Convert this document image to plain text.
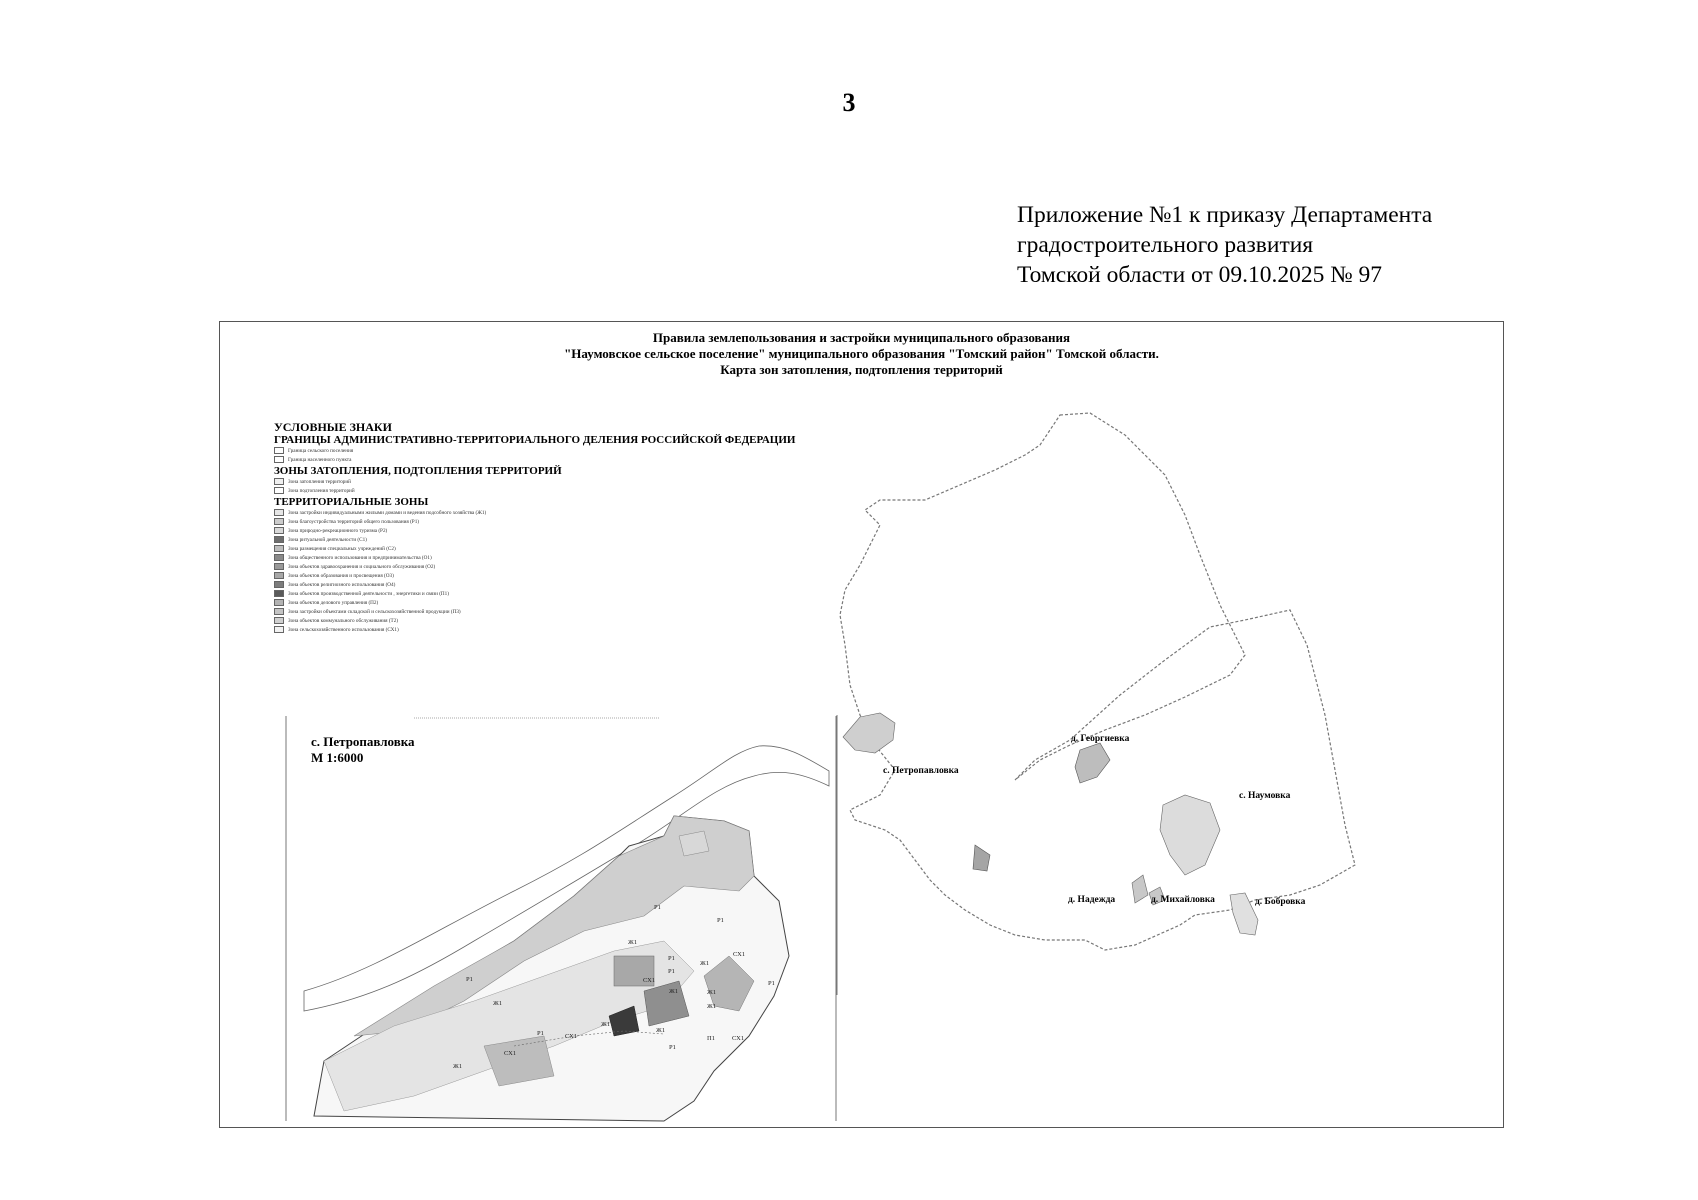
3
Приложение №1 к приказу Департамента
градостроительного развития
Томской области от 09.10.2025 № 97
Правила землепользования и застройки муниципального образования
"Наумовское сельское поселение" муниципального образования "Томский район" Томской области.
Карта зон затопления, подтопления территорий
УСЛОВНЫЕ ЗНАКИ
ГРАНИЦЫ АДМИНИСТРАТИВНО-ТЕРРИТОРИАЛЬНОГО ДЕЛЕНИЯ РОССИЙСКОЙ ФЕДЕРАЦИИ
Граница сельского поселения
Граница населенного пункта
ЗОНЫ ЗАТОПЛЕНИЯ, ПОДТОПЛЕНИЯ ТЕРРИТОРИЙ
Зона затопления территорий
Зона подтопления территорий
ТЕРРИТОРИАЛЬНЫЕ ЗОНЫ
Зона застройки индивидуальными жилыми домами и ведения подсобного хозяйства (Ж1)
Зона благоустройства территорий общего пользования (Р1)
Зона природно-рекреационного туризма (Р2)
Зона ритуальной деятельности (С1)
Зона размещения специальных учреждений (С2)
Зона общественного использования и предпринимательства (О1)
Зона объектов здравоохранения и социального обслуживания (О2)
Зона объектов образования и просвещения (О3)
Зона объектов религиозного использования (О4)
Зона объектов производственной деятельности , энергетики и связи (П1)
Зона объектов делового управления (П2)
Зона застройки объектами складской и сельскохозяйственной продукции (П3)
Зона объектов коммунального обслуживания (Т2)
Зона сельскохозяйственного использования (СХ1)
с. Петропавловка
М 1:6000
Р1
Р1
Р1
СХ1
Ж1
Ж1
Р1
Р1
Ж1
СХ1
Ж1
Ж1
Р1
Ж1
Р1	СХ1
Ж1
Ж1
П1	СХ1
СХ1
Р1
Ж1
с. Петропавловка
д. Георгиевка
с. Наумовка
д. Надежда	д. Михайловка	д. Бобровка
